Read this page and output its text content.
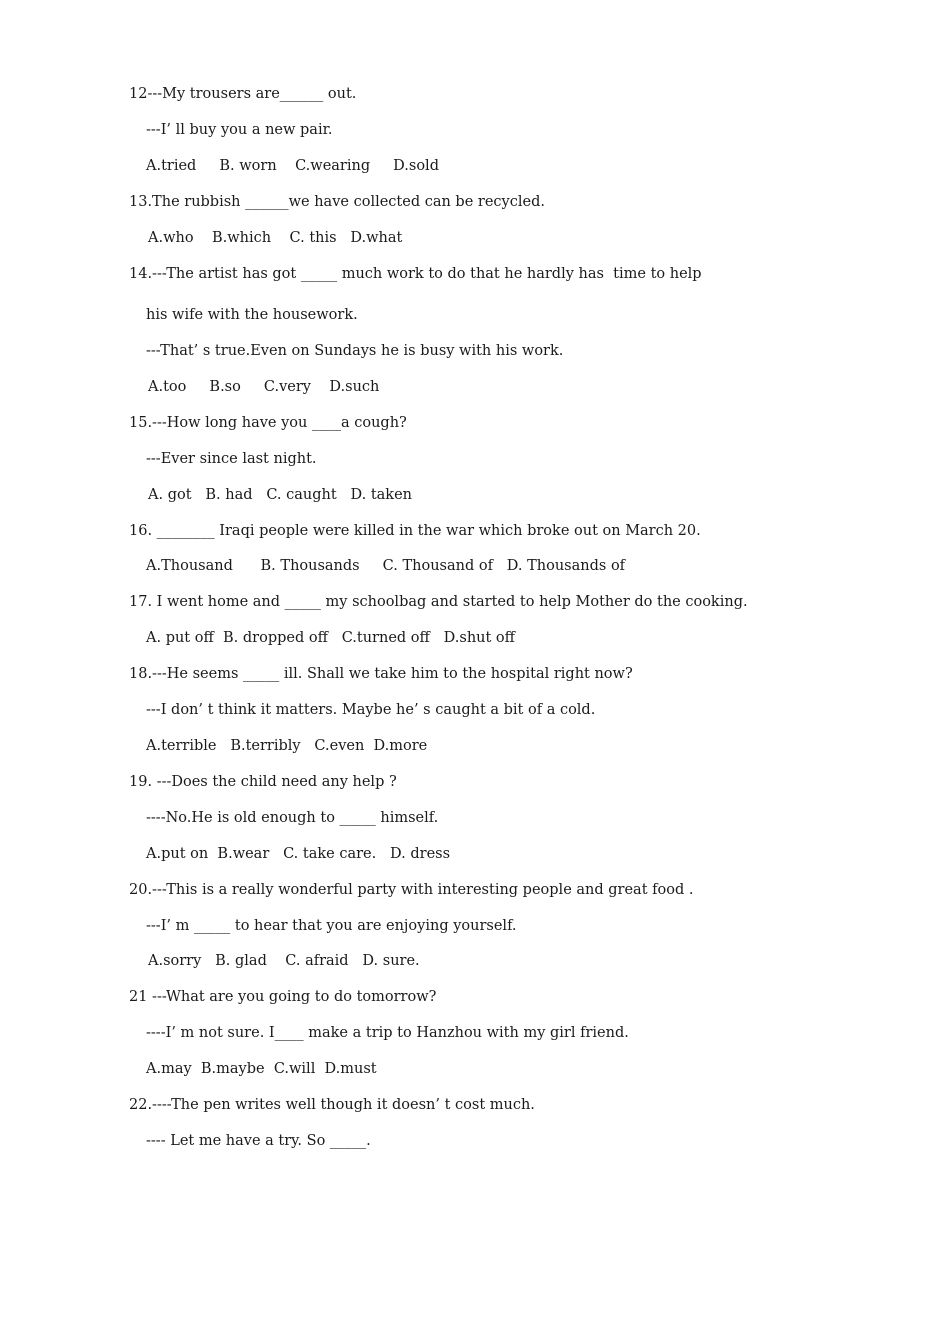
12---My trousers are______ out.
---I’ ll buy you a new pair.
A.tried     B. worn    C.wearing     D.sold
13.The rubbish ______we have collected can be recycled.
A.who    B.which    C. this   D.what
14.---The artist has got _____ much work to do that he hardly has  time to help
his wife with the housework.
---That’ s true.Even on Sundays he is busy with his work.
A.too     B.so     C.very    D.such
15.---How long have you ____a cough?
---Ever since last night.
A. got   B. had   C. caught   D. taken
16. ________ Iraqi people were killed in the war which broke out on March 20.
A.Thousand      B. Thousands     C. Thousand of   D. Thousands of
17. I went home and _____ my schoolbag and started to help Mother do the cooking.
A. put off  B. dropped off   C.turned off   D.shut off
18.---He seems _____ ill. Shall we take him to the hospital right now?
---I don’ t think it matters. Maybe he’ s caught a bit of a cold.
A.terrible   B.terribly   C.even  D.more
19. ---Does the child need any help ?
----No.He is old enough to _____ himself.
A.put on  B.wear   C. take care.   D. dress
20.---This is a really wonderful party with interesting people and great food .
---I’ m _____ to hear that you are enjoying yourself.
A.sorry   B. glad    C. afraid   D. sure.
21 ---What are you going to do tomorrow?
----I’ m not sure. I____ make a trip to Hanzhou with my girl friend.
A.may  B.maybe  C.will  D.must
22.----The pen writes well though it doesn’ t cost much.
---- Let me have a try. So _____.
